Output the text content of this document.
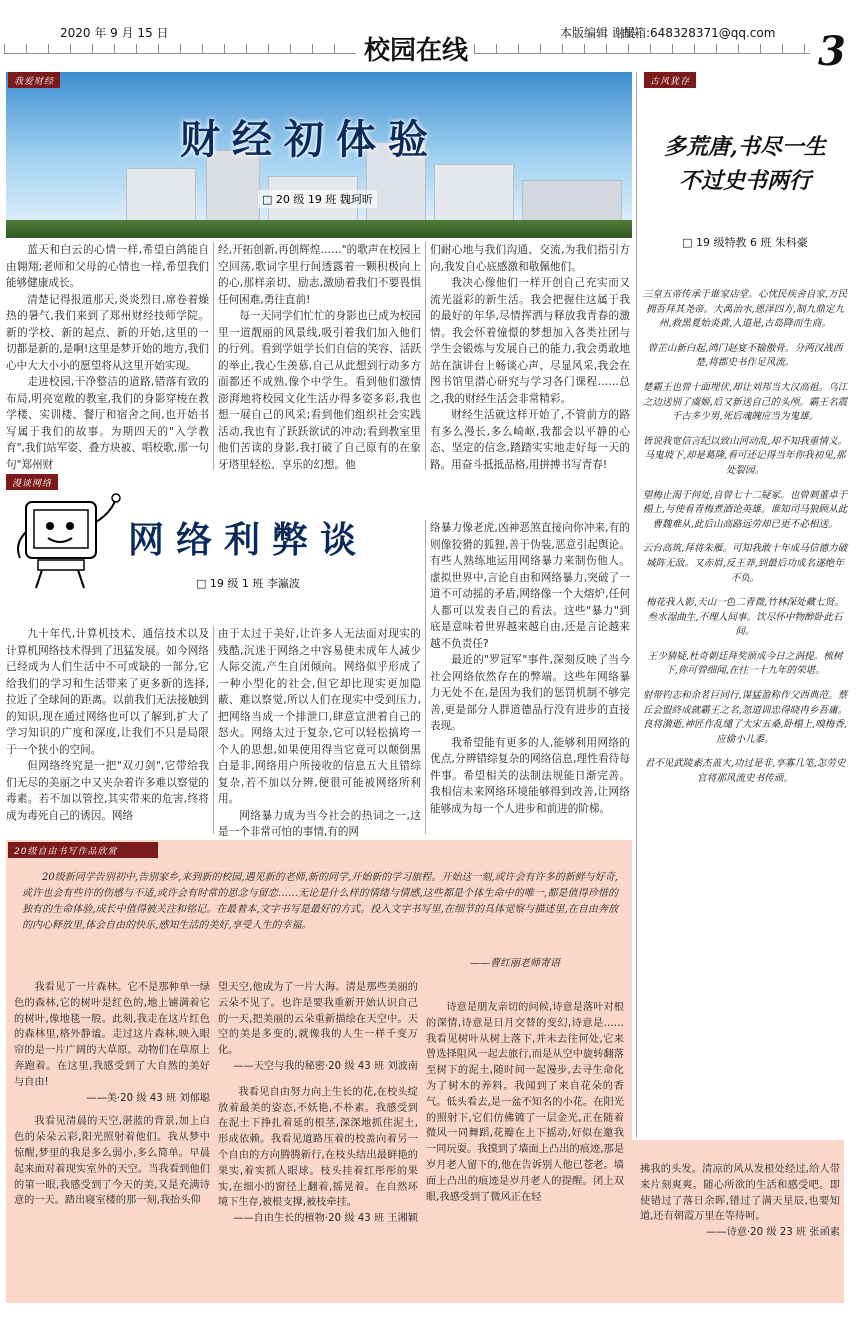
2020 年 9 月 15 日
校园在线
本版编辑 谢昊
邮箱:648328371@qq.com 3
我爱财经
财经初体验
□ 20 级 19 班 魏珂昕

蓝天和白云的心情一样,希望白鸽能自由翱翔;老师和父母的心情也一样,希望我们能够健康成长。

清楚记得报道那天,炎炎烈日,席卷着燥热的暑气,我们来到了郑州财经技师学院。新的学校、新的起点、新的开始,这里的一切都是新的,是啊!这里是梦开始的地方,我们心中大大小小的愿望将从这里开始实现。

走进校园,干净整洁的道路,错落有致的布局,明亮宽敞的教室,我们的身影穿梭在教学楼、实训楼、餐厅和宿舍之间,也开始书写属于我们的故事。为期四天的"入学教育",我们站军姿、叠方块被、唱校歌,那一句句"郑州财

经,开拓创新,再创辉煌……"的歌声在校园上空回荡,歌词字里行间透露着一颗积极向上的心,那样亲切、励志,激励着我们不要畏惧任何困难,勇往直前!

每一天同学们忙忙的身影也已成为校园里一道靓丽的风景线,吸引着我们加入他们的行列。看到学姐学长们自信的笑容、活跃的举止,我心生羡慕,自己从此想到行动多方面都还不成熟,像个中学生。看到他们激情澎湃地将校园文化生活办得多姿多彩,我也想一展自己的风采;看到他们组织社会实践活动,我也有了跃跃欲试的冲动;看到教室里他们苦读的身影,我打破了自己原有的在象牙塔里轻松、享乐的幻想。他

们耐心地与我们沟通、交流,为我们指引方向,我发自心底感激和敬佩他们。

我决心像他们一样开创自己充实而又流光溢彩的新生活。我会把握住这属于我的最好的年华,尽情挥洒与释放我青春的激情。我会怀着憧憬的梦想加入各类社团与学生会锻炼与发展自己的能力,我会勇敢地站在演讲台上畅谈心声、尽显风采,我会在图书馆里潜心研究与学习各门课程……总之,我的财经生活会非常精彩。

财经生活就这样开始了,不管前方的路有多么漫长,多么崎岖,我都会以平静的心态、坚定的信念,踏踏实实地走好每一天的路。用奋斗抵抵品格,用拼搏书写青春!

漫谈网络
网络利弊谈
□ 19 级 1 班 李瀛波

九十年代,计算机技术、通信技术以及计算机网络技术得到了迅猛发展。如今网络已经成为人们生活中不可或缺的一部分,它给我们的学习和生活带来了更多新的选择,拉近了全球间的距离。以前我们无法接触到的知识,现在通过网络也可以了解到,扩大了学习知识的广度和深度,让我们不只是局限于一个狭小的空间。

但网络终究是一把"双刃剑",它带给我们无尽的美丽之中又夹杂着许多难以察觉的毒素。若不加以管控,其实带来的危害,终将成为毒死自己的诱因。网络

由于太过于美好,让许多人无法面对现实的残酷,沉迷于网络之中容易使未成年人减少人际交流,产生自闭倾向。网络似乎形成了一种小型化的社会,但它却比现实更加隐蔽、难以察觉,所以人们在现实中受到压力,把网络当成一个排泄口,肆意宣泄着自己的怒火。网络太过于复杂,它可以轻松搞垮一个人的思想,如果使用得当它竟可以颠倒黑白是非,网络用户所接收的信息五大且错综复杂,若不加以分辨,便很可能被网络所利用。

网络暴力成为当今社会的热词之一,这是一个非常可怕的事情,有的网

络暴力像老虎,凶神恶煞直接向你冲来,有的则像狡猾的狐狸,善于伪装,恶意引起舆论。有些人熟练地运用网络暴力来制伤他人。虚拟世界中,言论自由和网络暴力,突破了一道不可动摇的矛盾,网络像一个大熔炉,任何人都可以发表自己的看法。这些"暴力"到底是意味着世界越来越自由,还是言论越来越不负责任?

最近的"罗冠军"事件,深刻反映了当今社会网络依然存在的弊端。这些年网络暴力无处不在,是因为我们的惩罚机制不够完善,更是部分人群道德品行没有进步的直接表现。

我希望能有更多的人,能够利用网络的优点,分辨错综复杂的网络信息,理性看待每件事。希望相关的法制法规能日渐完善。我相信未来网络环境能够得到改善,让网络能够成为每一个人进步和前进的阶梯。

20级自由书写作品欣赏

20级新同学告别初中,告别家乡,来到新的校园,遇见新的老师,新的同学,开始新的学习旅程。开始这一刻,或许会有许多的新鲜与好奇,或许也会有些许的伤感与不适,或许会有时常的思念与留恋……无论是什么样的情绪与情感,这些都是个体生命中的唯一,都是值得珍惜的独有的生命体验,成长中值得被关注和铭记。在最着本,文字书写是最好的方式。投入文字书写里,在细节的具体觉察与描述里,在自由奔放的内心释放里,体会自由的快乐,感知生活的美好,享受人生的幸福。

——曹红丽老师寄语

我看见了一片森林。它不是那种单一绿色的森林,它的树叶是红色的,地上铺满着它的树叶,像地毯一般。此刻,我走在这片红色的森林里,格外静谧。走过这片森林,映入眼帘的是一片广阔的大草原。动物们在草原上奔跑着。在这里,我感受到了大自然的美好与自由!

——美·20 级 43 班 刘郁聪

我看见清晨的天空,湛蓝的背景,加上白色的朵朵云彩,阳光照射着他们。我从梦中惊醒,梦里的我是多么弱小,多么简单。早晨起来面对着现实室外的天空。当我看到他们的第一眼,我感受到了今天的美,又是充满诗意的一天。踏出寝室楼的那一刻,我抬头仰

望天空,他成为了一片大海。清是那些美丽的云朵不见了。也许是要我重新开始认识自己的一天,把美丽的云朵重新描绘在天空中。天空的美是多变的,就像我的人生一样千变万化。

——天空与我的秘密·20 级 43 班 刘波南

我看见自由努力向上生长的花,在校头绽放着最美的姿态,不妖艳,不朴素。我感受到在泥土下挣扎着延的根茎,深深地抓住泥土,形成依赖。我看见道路压着的校盖向着另一个自由的方向腾腾新行,在枝头结出最鲜艳的果实,着实抓人眼球。枝头挂着红彤彤的果实,在细小的窗径上翻着,摇晃着。在自然环境下生存,被根支撑,被枝牵挂。

——自由生长的植物·20 级 43 班 王湘颖

诗意是朋友亲切的问候,诗意是落叶对根的深情,诗意是日月交替的变幻,诗意是……我看见树叶从树上落下,并未去往何处,它来曾选择阻风一起去旅行,而是从空中旋转翻落至树下的泥土,随时间一起漫步,去寻生命化为了树木的养料。我闻到了来自花朵的香气。低头看去,是一盆不知名的小花。在阳光的照射下,它们仿佛镀了一层金光,正在随着微风一同舞蹈,花瓣在上下摇动,好似在邀我一同玩耍。我摸到了墙面上凸出的痕迹,那是岁月老人留下的,他在告诉别人他已苍老。墙面上凸出的痕迹是岁月老人的提醒。闭上双眼,我感受到了微风正在轻

拂我的头发。清凉的风从发根处经过,给人带来片刻爽爽。随心所欲的生活和感受吧。即使错过了落日余晖,错过了满天星辰,也要知道,还有朝霞万里在等待呵。

——诗意·20 级 23 班 张函素
古风犹存
多荒唐,书尽一生
不过史书两行
□ 19 级特教 6 班 朱科豪

三皇五帝传承于谁家店堂。心忧民疾舍自家,万民拥吾拜其尧帝。大禹治水,恩泽四方,制九鼎定九州,救黑夏始炎黄,人道是,古岛降而生商。

曾芷山新白起,鸿门赵宴不输傲骨。分两汉战西楚,将郡史书作足风流。

楚霸王也曾十面埋伏,却让刘邦当大汉高祖。乌江之边送别了虞姬,后又新送自己的头颅。霸王名震千古多少男,死后魂魄应当为鬼雄。

皆说我宽信言纪以致山河动乱,却不知我重情义。马鬼坡下,却是葛隆,看可还记得当年你我初见,那处裂园。

望梅止渴于何处,自曾七十二疑冢。也曾刺董卓于榻上,与使看青梅煮酒论英雄。谁知司马狼顾从此曹魏难从,此后山高路远劳却已更不必相送。

云台高筑,拜将朱雁。可知我敢十年成马信德力破城阵无敌。又赤眉,反王莽,到最后功成名遂绝年不负。

梅花我入影,天山一色二青微,竹林深处藏七贤。叁水湿曲生,不理人间事。饮尽怀中物醉卧此石间。

王少猜疑,杜奇朝廷拜奖颁成今日之涡提。梳树下,你可曾细闻,在往一十九年的荣堪。

射带钓志和余茗巨同行,谋猛盈称作父西典范。蔡丘会盟終成就霸王之名,忽道训忠得晓冉乡吾庸。良将漪逝,神匠作乱缱了大宋五桑,卧榻上,嗅梅香,应偷小儿黍。

君不见武陵素杰盖大,功过是非,享寡几笔,怎劳史官将那风流史书传顽。
